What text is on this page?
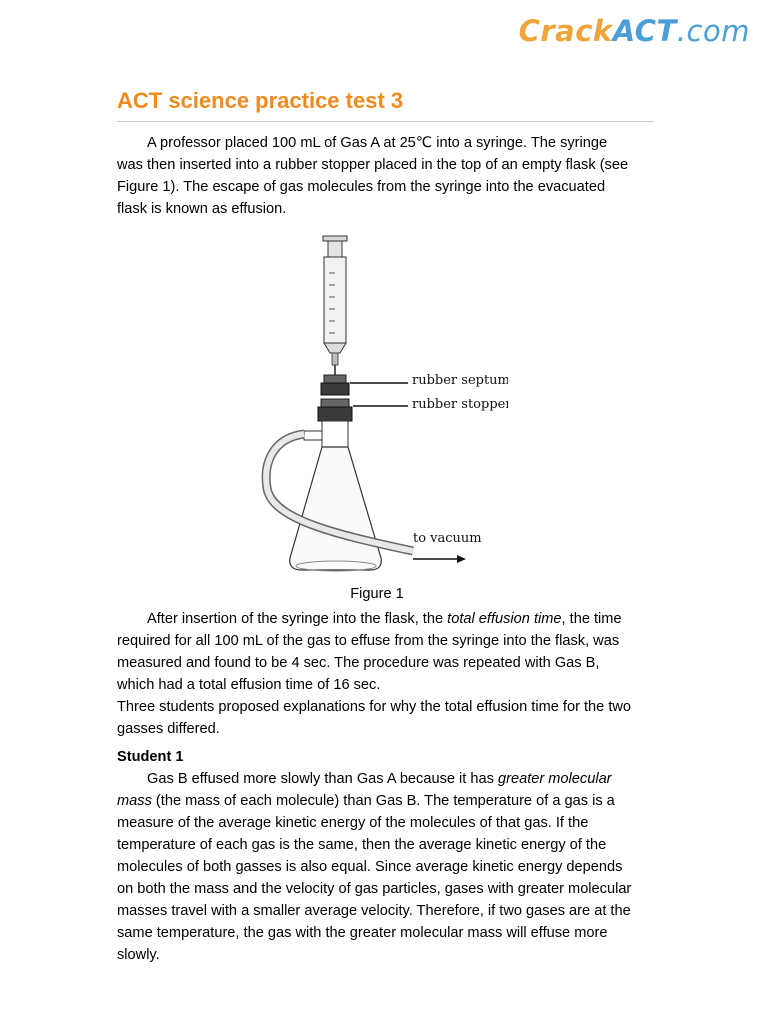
CrackACT.com
ACT science practice test 3

A professor placed 100 mL of Gas A at 25℃ into a syringe. The syringe was then inserted into a rubber stopper placed in the top of an empty flask (see Figure 1). The escape of gas molecules from the syringe into the evacuated flask is known as effusion.

rubber septum
rubber stopper
to vacuum
Figure 1

After insertion of the syringe into the flask, the total effusion time, the time required for all 100 mL of the gas to effuse from the syringe into the flask, was measured and found to be 4 sec. The procedure was repeated with Gas B, which had a total effusion time of 16 sec.

Three students proposed explanations for why the total effusion time for the two gasses differed.

Student 1

Gas B effused more slowly than Gas A because it has greater molecular mass (the mass of each molecule) than Gas B. The temperature of a gas is a measure of the average kinetic energy of the molecules of that gas. If the temperature of each gas is the same, then the average kinetic energy of the molecules of both gasses is also equal. Since average kinetic energy depends on both the mass and the velocity of gas particles, gases with greater molecular masses travel with a smaller average velocity. Therefore, if two gases are at the same temperature, the gas with the greater molecular mass will effuse more slowly.
